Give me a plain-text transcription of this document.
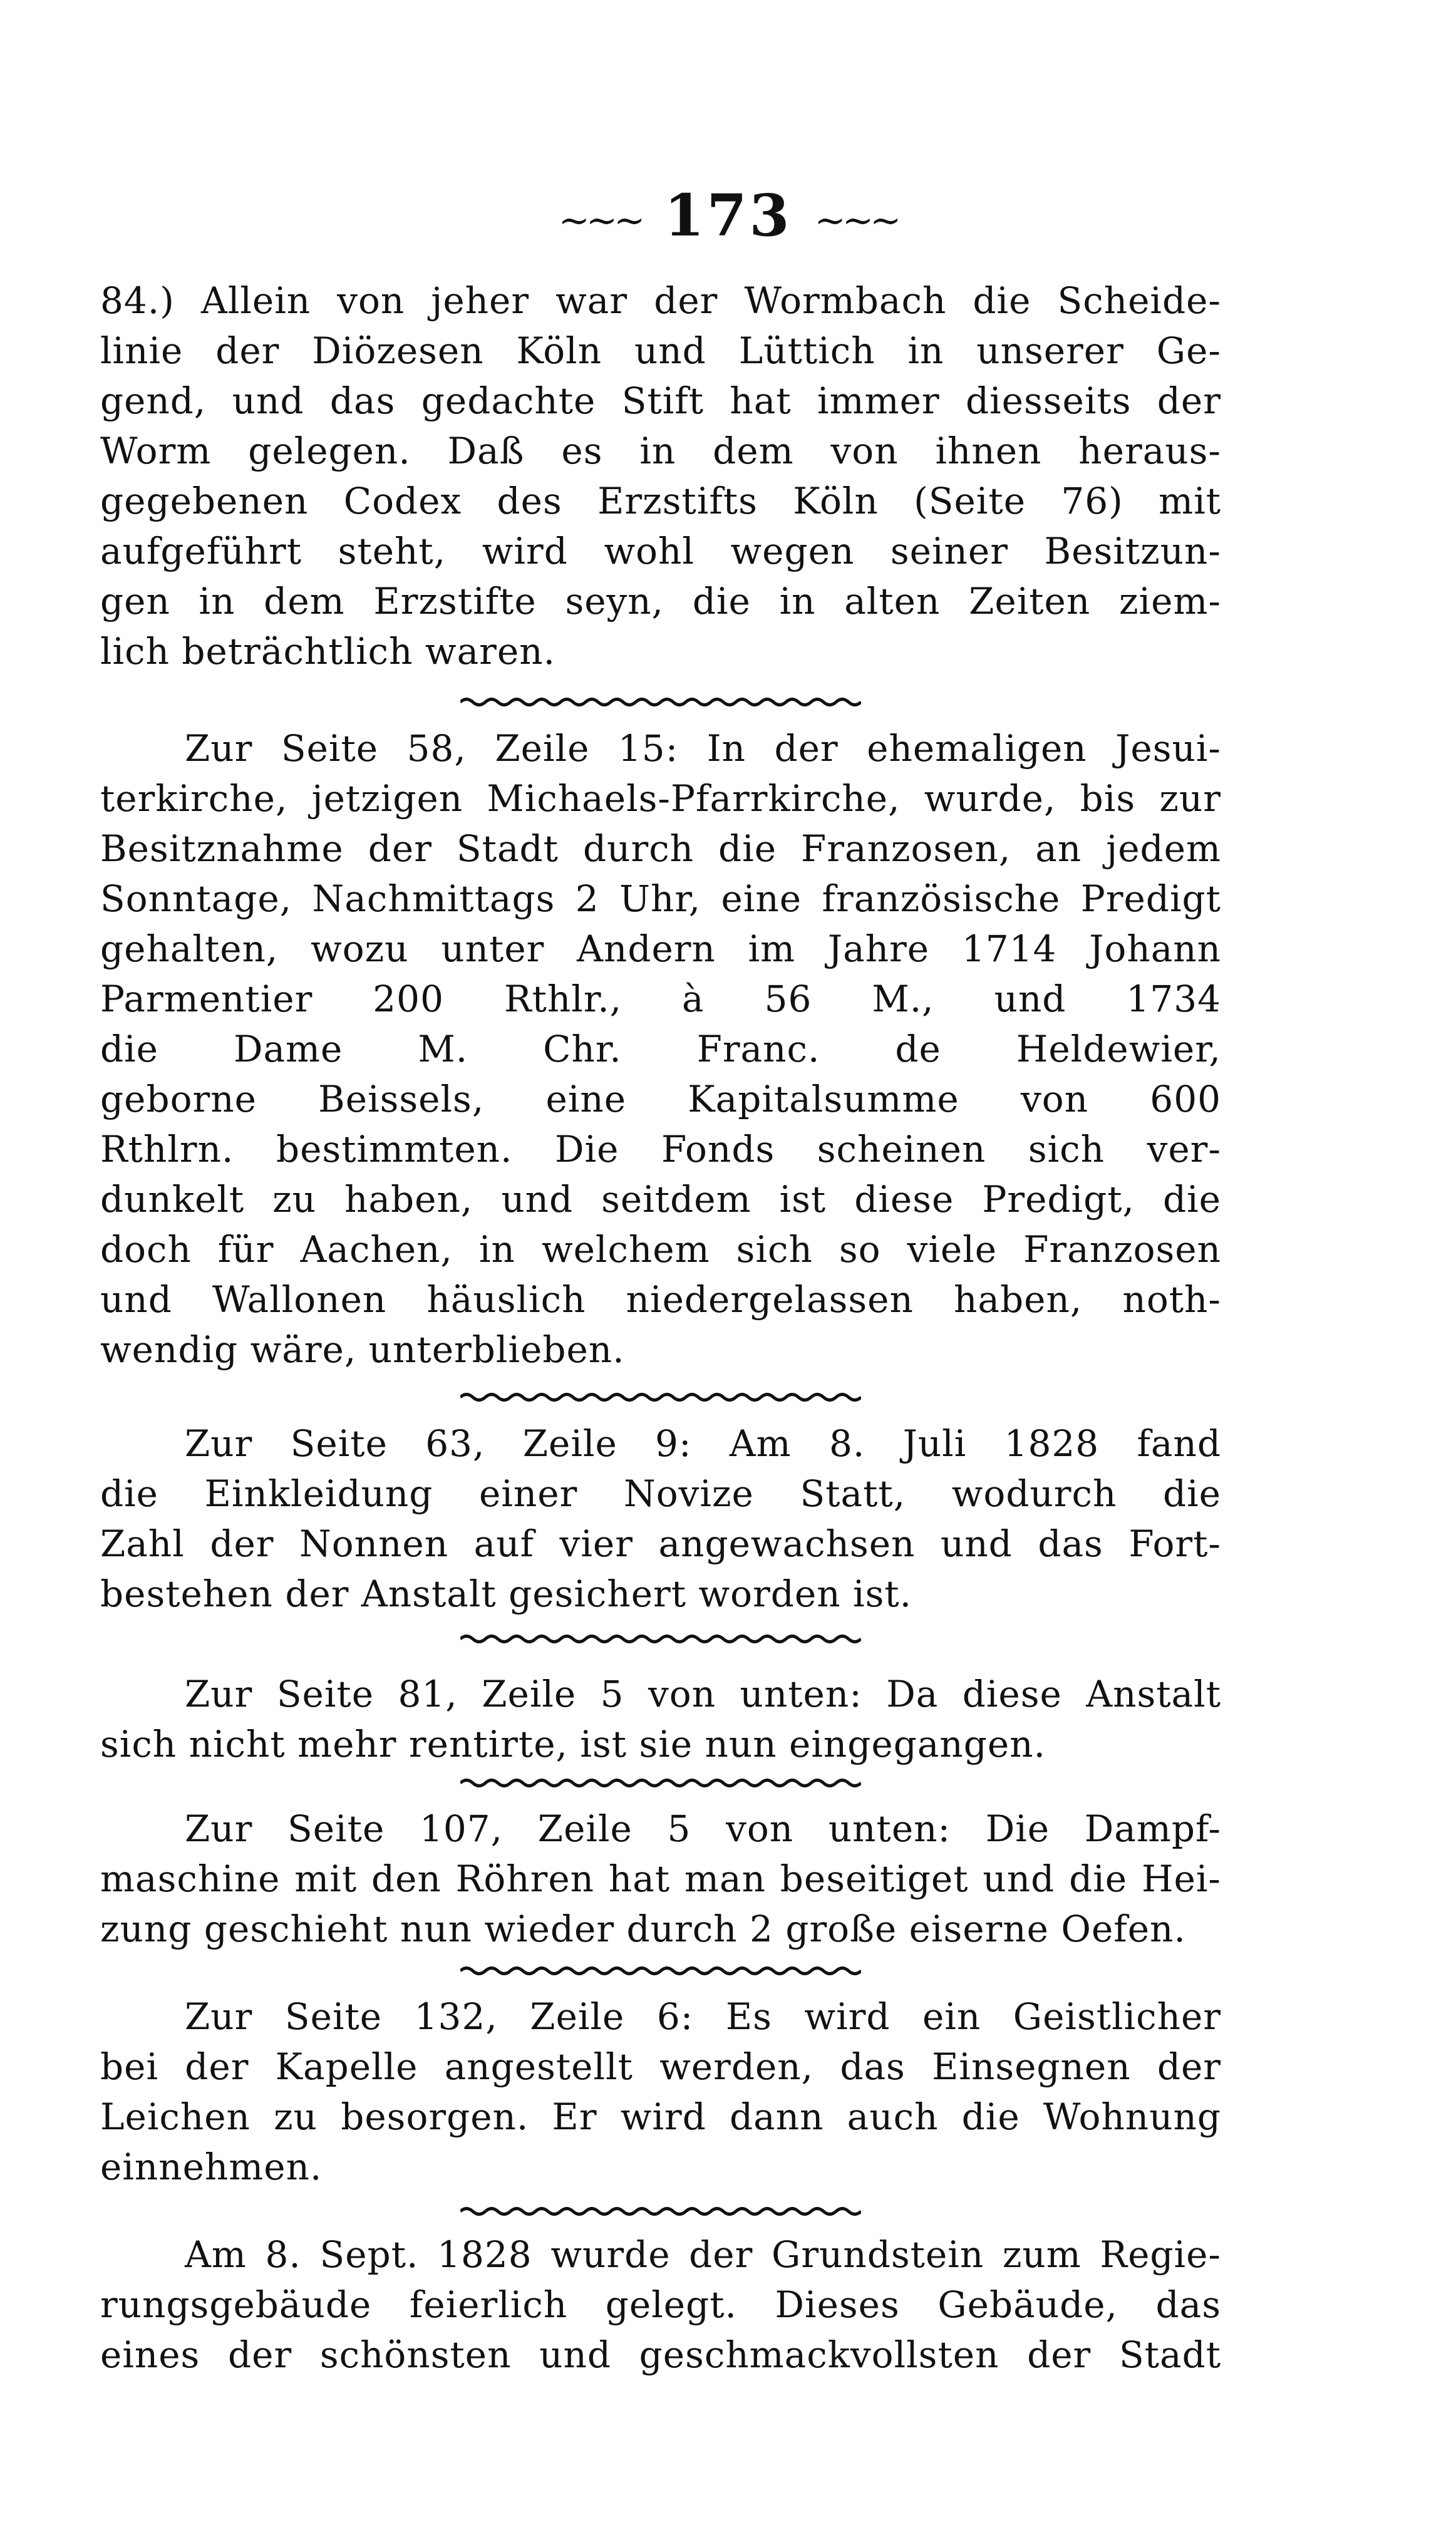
~~~ 173 ~~~
84.) Allein von jeher war der Wormbach die Scheide-
linie der Diözesen Köln und Lüttich in unserer Ge-
gend, und das gedachte Stift hat immer diesseits der
Worm gelegen. Daß es in dem von ihnen heraus-
gegebenen Codex des Erzstifts Köln (Seite 76) mit
aufgeführt steht, wird wohl wegen seiner Besitzun-
gen in dem Erzstifte seyn, die in alten Zeiten ziem-
lich beträchtlich waren.
Zur Seite 58, Zeile 15: In der ehemaligen Jesui-
terkirche, jetzigen Michaels-Pfarrkirche, wurde, bis zur
Besitznahme der Stadt durch die Franzosen, an jedem
Sonntage, Nachmittags 2 Uhr, eine französische Predigt
gehalten, wozu unter Andern im Jahre 1714 Johann
Parmentier 200 Rthlr., à 56 M., und 1734
die Dame M. Chr. Franc. de Heldewier,
geborne Beissels, eine Kapitalsumme von 600
Rthlrn. bestimmten. Die Fonds scheinen sich ver-
dunkelt zu haben, und seitdem ist diese Predigt, die
doch für Aachen, in welchem sich so viele Franzosen
und Wallonen häuslich niedergelassen haben, noth-
wendig wäre, unterblieben.
Zur Seite 63, Zeile 9: Am 8. Juli 1828 fand
die Einkleidung einer Novize Statt, wodurch die
Zahl der Nonnen auf vier angewachsen und das Fort-
bestehen der Anstalt gesichert worden ist.
Zur Seite 81, Zeile 5 von unten: Da diese Anstalt
sich nicht mehr rentirte, ist sie nun eingegangen.
Zur Seite 107, Zeile 5 von unten: Die Dampf-
maschine mit den Röhren hat man beseitiget und die Hei-
zung geschieht nun wieder durch 2 große eiserne Oefen.
Zur Seite 132, Zeile 6: Es wird ein Geistlicher
bei der Kapelle angestellt werden, das Einsegnen der
Leichen zu besorgen. Er wird dann auch die Wohnung
einnehmen.
Am 8. Sept. 1828 wurde der Grundstein zum Regie-
rungsgebäude feierlich gelegt. Dieses Gebäude, das
eines der schönsten und geschmackvollsten der Stadt
